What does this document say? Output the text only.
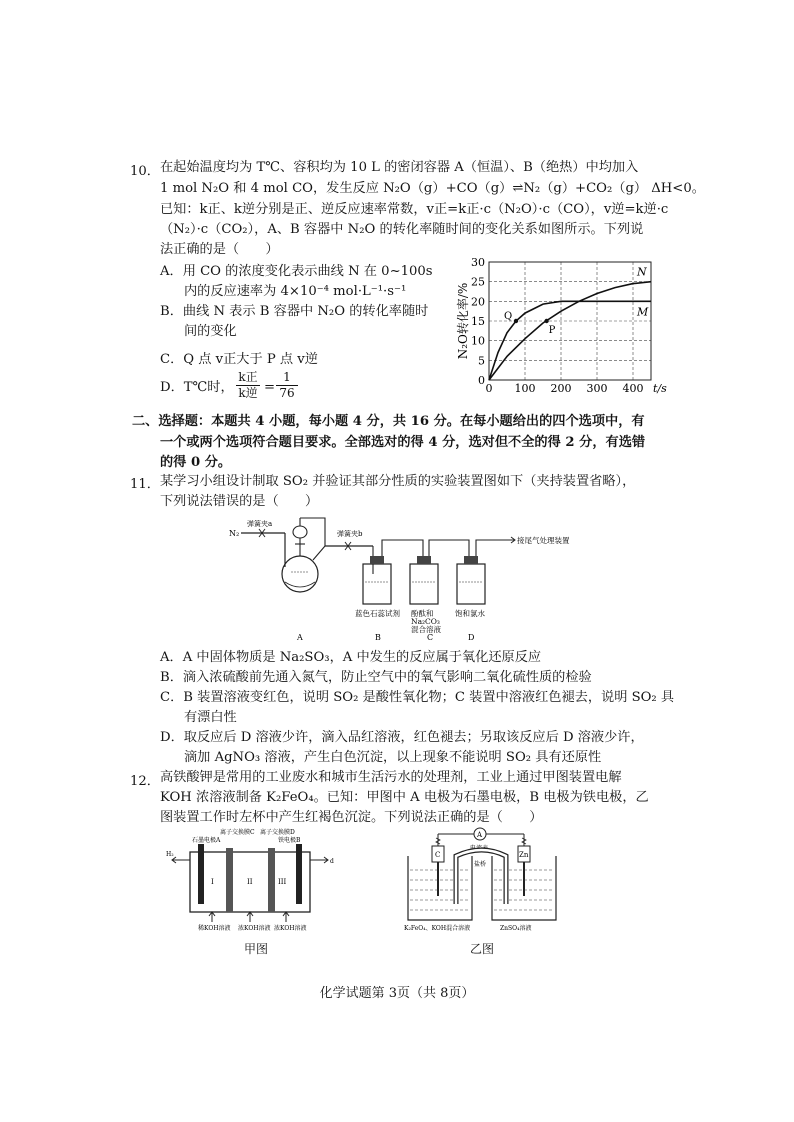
10． 在起始温度均为 T℃、容积均为 10 L 的密闭容器 A（恒温）、B（绝热）中均加入
1 mol N₂O 和 4 mol CO，发生反应 N₂O（g）+CO（g）⇌N₂（g）+CO₂（g） ΔH<0。
已知：k正、k逆分别是正、逆反应速率常数，v正=k正·c（N₂O）·c（CO），v逆=k逆·c
（N₂）·c（CO₂），A、B 容器中 N₂O 的转化率随时间的变化关系如图所示。下列说
法正确的是（　　）
A．用 CO 的浓度变化表示曲线 N 在 0~100s
内的反应速率为 4×10⁻⁴ mol·L⁻¹·s⁻¹
B．曲线 N 表示 B 容器中 N₂O 的转化率随时
间的变化
C．Q 点 v正大于 P 点 v逆
D．T℃时，
k正
k逆 = $\frac{1}{76}$	0
5
10
15
20
25
30
0 100 200 300 400 t/s
N₂O转化率/%
N
M
Q
P
二、选择题：本题共 4 小题，每小题 4 分，共 16 分。在每小题给出的四个选项中，有
一个或两个选项符合题目要求。全部选对的得 4 分，选对但不全的得 2 分，有选错
的得 0 分。
11． 某学习小组设计制取 SO₂ 并验证其部分性质的实验装置图如下（夹持装置省略），
下列说法错误的是（　　）
N₂
弹簧夹a
弹簧夹b
接尾气处理装置
蓝色石蕊试剂 酚酞和
Na₂CO₃
混合溶液
饱和氯水
A	B	C	D
A．A 中固体物质是 Na₂SO₃，A 中发生的反应属于氧化还原反应
B．滴入浓硫酸前先通入氮气，防止空气中的氧气影响二氧化硫性质的检验
C．B 装置溶液变红色，说明 SO₂ 是酸性氧化物；C 装置中溶液红色褪去，说明 SO₂ 具
有漂白性
D．取反应后 D 溶液少许，滴入品红溶液，红色褪去；另取该反应后 D 溶液少许，
滴加 AgNO₃ 溶液，产生白色沉淀，以上现象不能说明 SO₂ 具有还原性
12． 高铁酸钾是常用的工业废水和城市生活污水的处理剂，工业上通过甲图装置电解
KOH 浓溶液制备 K₂FeO₄。已知：甲图中 A 电极为石墨电极，B 电极为铁电极，乙
图装置工作时左杯中产生红褐色沉淀。下列说法正确的是（　　）
离子交换膜C 离子交换膜D
石墨电极A	铁电极B
I	II	III
H₂
d
稀KOH溶液 浓KOH溶液 浓KOH溶液
甲图
A
电流表
C	Zn
盐桥
K₂FeO₄、KOH混合溶液	ZnSO₄溶液
乙图
化学试题第 3页（共 8页）
